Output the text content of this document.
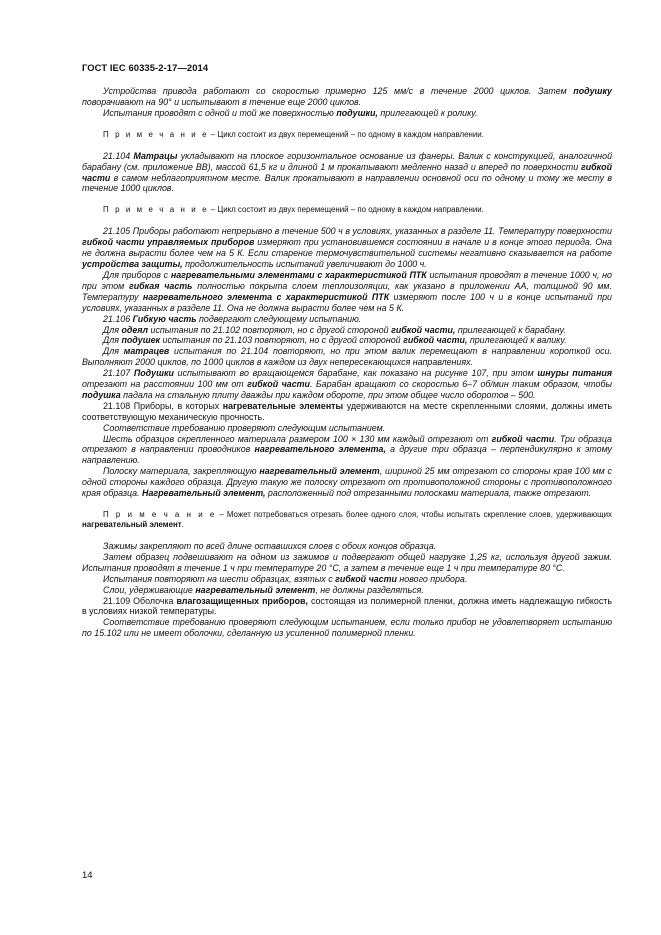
ГОСТ IEC 60335-2-17—2014

Устройства привода работают со скоростью примерно 125 мм/с в течение 2000 циклов. Затем подушку поворачивают на 90° и испытывают в течение еще 2000 циклов.

Испытания проводят с одной и той же поверхностью подушки, прилегающей к ролику.

П р и м е ч а н и е – Цикл состоит из двух перемещений – по одному в каждом направлении.

21.104 Матрацы укладывают на плоское горизонтальное основание из фанеры. Валик с конструкцией, аналогичной барабану (см. приложение ВВ), массой 61,5 кг и длиной 1 м прокатывают медленно назад и вперед по поверхности гибкой части в самом неблагоприятном месте. Валик прокатывают в направлении основной оси по одному и тому же месту в течение 1000 циклов.

П р и м е ч а н и е – Цикл состоит из двух перемещений – по одному в каждом направлении.

21.105 Приборы работают непрерывно в течение 500 ч в условиях, указанных в разделе 11. Температуру поверхности гибкой части управляемых приборов измеряют при установившемся состоянии в начале и в конце этого периода. Она не должна вырасти более чем на 5 К. Если старение термочувствительной системы негативно сказывается на работе устройства защиты, продолжительность испытаний увеличивают до 1000 ч.

Для приборов с нагревательными элементами с характеристикой ПТК испытания проводят в течение 1000 ч, но при этом гибкая часть полностью покрыта слоем теплоизоляции, как указано в приложении АА, толщиной 90 мм. Температуру нагревательного элемента с характеристикой ПТК измеряют после 100 ч и в конце испытаний при условиях, указанных в разделе 11. Она не должна вырасти более чем на 5 К.

21.106 Гибкую часть подвергают следующему испытанию.

Для одеял испытания по 21.102 повторяют, но с другой стороной гибкой части, прилегающей к барабану.

Для подушек испытания по 21.103 повторяют, но с другой стороной гибкой части, прилегающей к валику.

Для матрацев испытания по 21.104 повторяют, но при этом валик перемещают в направлении короткой оси. Выполняют 2000 циклов, по 1000 циклов в каждом из двух непересекающихся направлениях.

21.107 Подушки испытывают во вращающемся барабане, как показано на рисунке 107, при этом шнуры питания отрезают на расстоянии 100 мм от гибкой части. Барабан вращают со скоростью 6–7 об/мин таким образом, чтобы подушка падала на стальную плиту дважды при каждом обороте, при этом общее число оборотов – 500.

21.108 Приборы, в которых нагревательные элементы удерживаются на месте скрепленными слоями, должны иметь соответствующую механическую прочность.

Соответствие требованию проверяют следующим испытанием.

Шесть образцов скрепленного материала размером 100 × 130 мм каждый отрезают от гибкой части. Три образца отрезают в направлении проводников нагревательного элемента, а другие три образца – перпендикулярно к этому направлению.

Полоску материала, закрепляющую нагревательный элемент, шириной 25 мм отрезают со стороны края 100 мм с одной стороны каждого образца. Другую такую же полоску отрезают от противоположной стороны с противоположного края образца. Нагревательный элемент, расположенный под отрезанными полосками материала, также отрезают.

П р и м е ч а н и е – Может потребоваться отрезать более одного слоя, чтобы испытать скрепление слоев, удерживающих нагревательный элемент.

Зажимы закрепляют по всей длине оставшихся слоев с обоих концов образца.

Затем образец подвешивают на одном из зажимов и подвергают общей нагрузке 1,25 кг, используя другой зажим. Испытания проводят в течение 1 ч при температуре 20 °С, а затем в течение еще 1 ч при температуре 80 °С.

Испытания повторяют на шести образцах, взятых с гибкой части нового прибора.

Слои, удерживающие нагревательный элемент, не должны разделяться.

21.109 Оболочка влагозащищенных приборов, состоящая из полимерной пленки, должна иметь надлежащую гибкость в условиях низкой температуры.

Соответствие требованию проверяют следующим испытанием, если только прибор не удовлетворяет испытанию по 15.102 или не имеет оболочки, сделанную из усиленной полимерной пленки.

14
